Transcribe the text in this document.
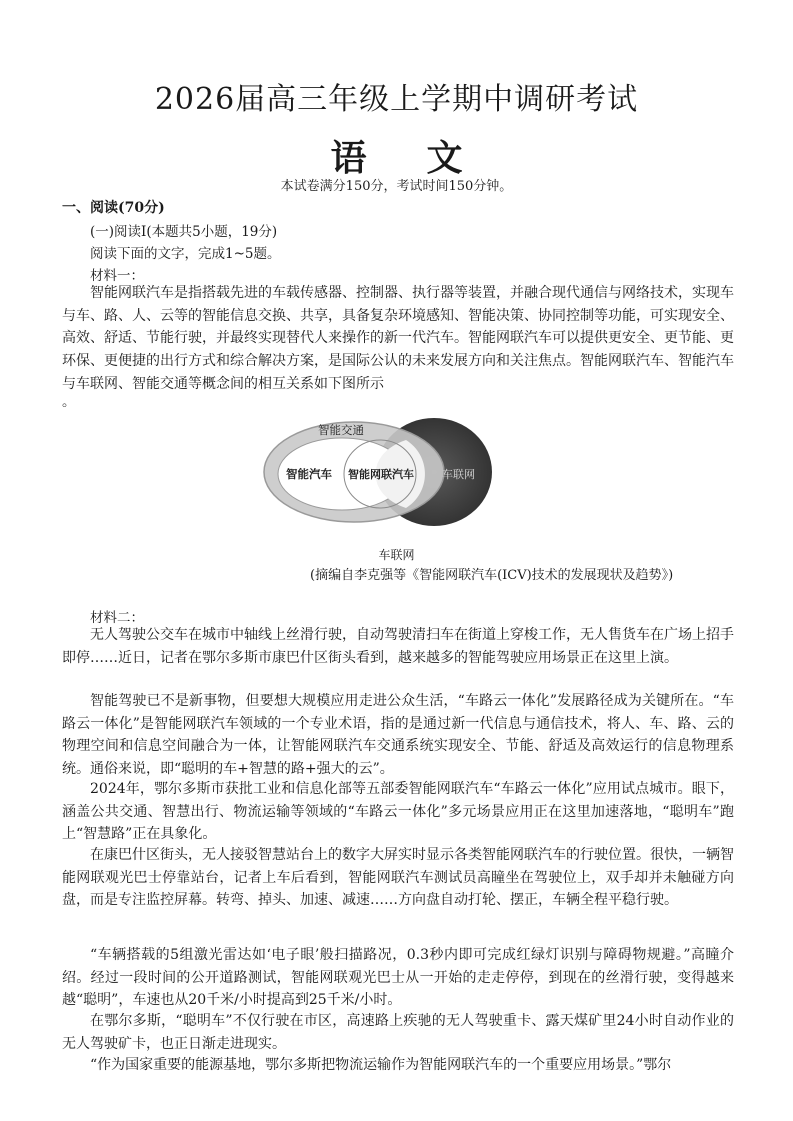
2026届高三年级上学期中调研考试
语文
本试卷满分150分，考试时间150分钟。
一、阅读(70分)
(一)阅读Ⅰ(本题共5小题，19分)
阅读下面的文字，完成1~5题。
材料一：
智能网联汽车是指搭载先进的车载传感器、控制器、执行器等装置，并融合现代通信与网络技术，实现车与车、路、人、云等的智能信息交换、共享，具备复杂环境感知、智能决策、协同控制等功能，可实现安全、高效、舒适、节能行驶，并最终实现替代人来操作的新一代汽车。智能网联汽车可以提供更安全、更节能、更环保、更便捷的出行方式和综合解决方案，是国际公认的未来发展方向和关注焦点。智能网联汽车、智能汽车与车联网、智能交通等概念间的相互关系如下图所示
。
智能交通
智能汽车 智能网联汽车	车联网
车联网
(摘编自李克强等《智能网联汽车(ICV)技术的发展现状及趋势》)
材料二：
无人驾驶公交车在城市中轴线上丝滑行驶，自动驾驶清扫车在街道上穿梭工作，无人售货车在广场上招手即停……近日，记者在鄂尔多斯市康巴什区街头看到，越来越多的智能驾驶应用场景正在这里上演。
智能驾驶已不是新事物，但要想大规模应用走进公众生活，“车路云一体化”发展路径成为关键所在。“车路云一体化”是智能网联汽车领域的一个专业术语，指的是通过新一代信息与通信技术，将人、车、路、云的物理空间和信息空间融合为一体，让智能网联汽车交通系统实现安全、节能、舒适及高效运行的信息物理系统。通俗来说，即“聪明的车+智慧的路+强大的云”。
2024年，鄂尔多斯市获批工业和信息化部等五部委智能网联汽车“车路云一体化”应用试点城市。眼下，涵盖公共交通、智慧出行、物流运输等领域的“车路云一体化”多元场景应用正在这里加速落地，“聪明车”跑上“智慧路”正在具象化。
在康巴什区街头，无人接驳智慧站台上的数字大屏实时显示各类智能网联汽车的行驶位置。很快，一辆智能网联观光巴士停靠站台，记者上车后看到，智能网联汽车测试员高瞳坐在驾驶位上，双手却并未触碰方向盘，而是专注监控屏幕。转弯、掉头、加速、减速……方向盘自动打轮、摆正，车辆全程平稳行驶。
“车辆搭载的5组激光雷达如‘电子眼’般扫描路况，0.3秒内即可完成红绿灯识别与障碍物规避。”高瞳介绍。经过一段时间的公开道路测试，智能网联观光巴士从一开始的走走停停，到现在的丝滑行驶，变得越来越“聪明”，车速也从20千米/小时提高到25千米/小时。
在鄂尔多斯，“聪明车”不仅行驶在市区，高速路上疾驰的无人驾驶重卡、露天煤矿里24小时自动作业的无人驾驶矿卡，也正日渐走进现实。
“作为国家重要的能源基地，鄂尔多斯把物流运输作为智能网联汽车的一个重要应用场景。”鄂尔
